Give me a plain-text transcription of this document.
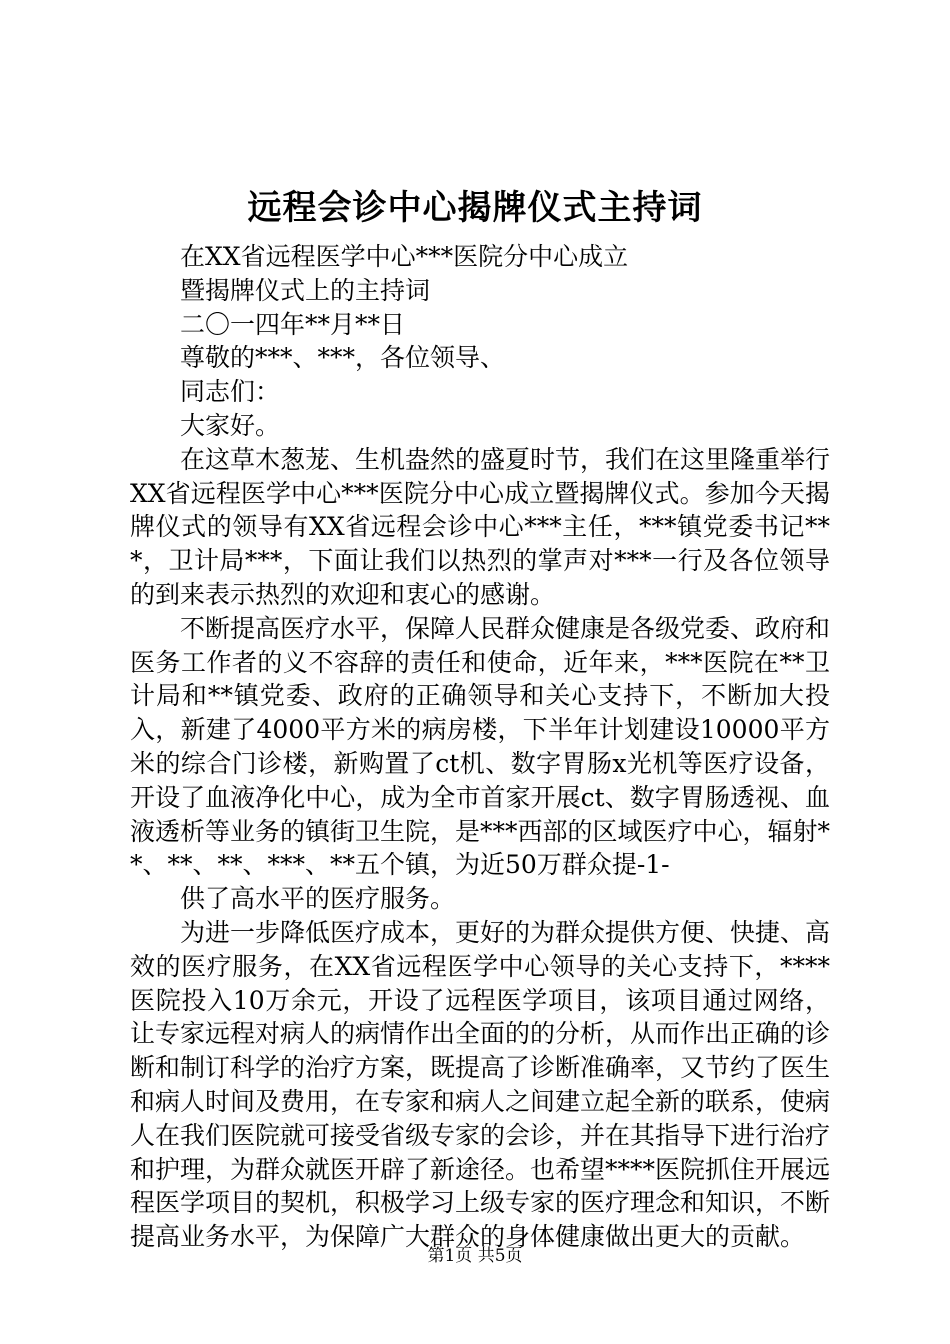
远程会诊中心揭牌仪式主持词
在XX省远程医学中心***医院分中心成立
暨揭牌仪式上的主持词
二〇一四年**月**日
尊敬的***、***，各位领导、
同志们：
大家好。

在这草木葱茏、生机盎然的盛夏时节，我们在这里隆重举行XX省远程医学中心***医院分中心成立暨揭牌仪式。参加今天揭牌仪式的领导有XX省远程会诊中心***主任，***镇党委书记***，卫计局***，下面让我们以热烈的掌声对***一行及各位领导的到来表示热烈的欢迎和衷心的感谢。

不断提高医疗水平，保障人民群众健康是各级党委、政府和医务工作者的义不容辞的责任和使命，近年来，***医院在**卫计局和**镇党委、政府的正确领导和关心支持下，不断加大投入，新建了4000平方米的病房楼，下半年计划建设10000平方米的综合门诊楼，新购置了ct机、数字胃肠x光机等医疗设备，开设了血液净化中心，成为全市首家开展ct、数字胃肠透视、血液透析等业务的镇街卫生院，是***西部的区域医疗中心，辐射**、**、**、***、**五个镇，为近50万群众提-1-

供了高水平的医疗服务。

为进一步降低医疗成本，更好的为群众提供方便、快捷、高效的医疗服务，在XX省远程医学中心领导的关心支持下，****医院投入10万余元，开设了远程医学项目，该项目通过网络，让专家远程对病人的病情作出全面的的分析，从而作出正确的诊断和制订科学的治疗方案，既提高了诊断准确率，又节约了医生和病人时间及费用，在专家和病人之间建立起全新的联系，使病人在我们医院就可接受省级专家的会诊，并在其指导下进行治疗和护理，为群众就医开辟了新途径。也希望****医院抓住开展远程医学项目的契机，积极学习上级专家的医疗理念和知识，不断提高业务水平，为保障广大群众的身体健康做出更大的贡献。

第1页 共5页
